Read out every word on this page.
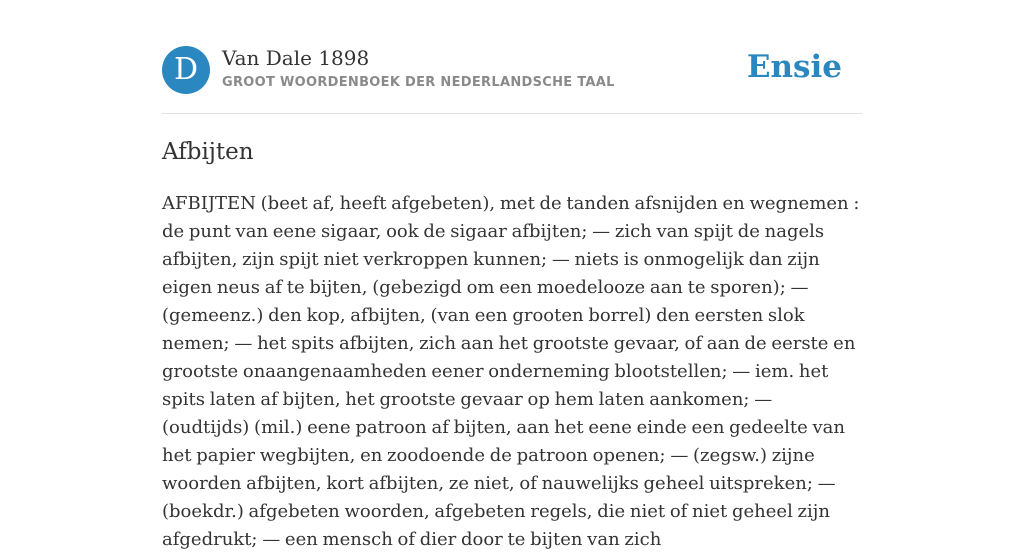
D	Van Dale 1898
GROOT WOORDENBOEK DER NEDERLANDSCHE TAAL	Ensie
Afbijten

AFBIJTEN (beet af, heeft afgebeten), met de tanden afsnijden en wegnemen : de punt van eene sigaar, ook de sigaar afbijten; — zich van spijt de nagels afbijten, zijn spijt niet verkroppen kunnen; — niets is onmogelijk dan zijn eigen neus af te bijten, (gebezigd om een moedelooze aan te sporen); — (gemeenz.) den kop, afbijten, (van een grooten borrel) den eersten slok nemen; — het spits afbijten, zich aan het grootste gevaar, of aan de eerste en grootste onaangenaamheden eener onderneming blootstellen; — iem. het spits laten af bijten, het grootste gevaar op hem laten aankomen; — (oudtijds) (mil.) eene patroon af bijten, aan het eene einde een gedeelte van het papier wegbijten, en zoodoende de patroon openen; — (zegsw.) zijne woorden afbijten, kort afbijten, ze niet, of nauwelijks geheel uitspreken; — (boekdr.) afgebeten woorden, afgebeten regels, die niet of niet geheel zijn afgedrukt; — een mensch of dier door te bijten van zich
